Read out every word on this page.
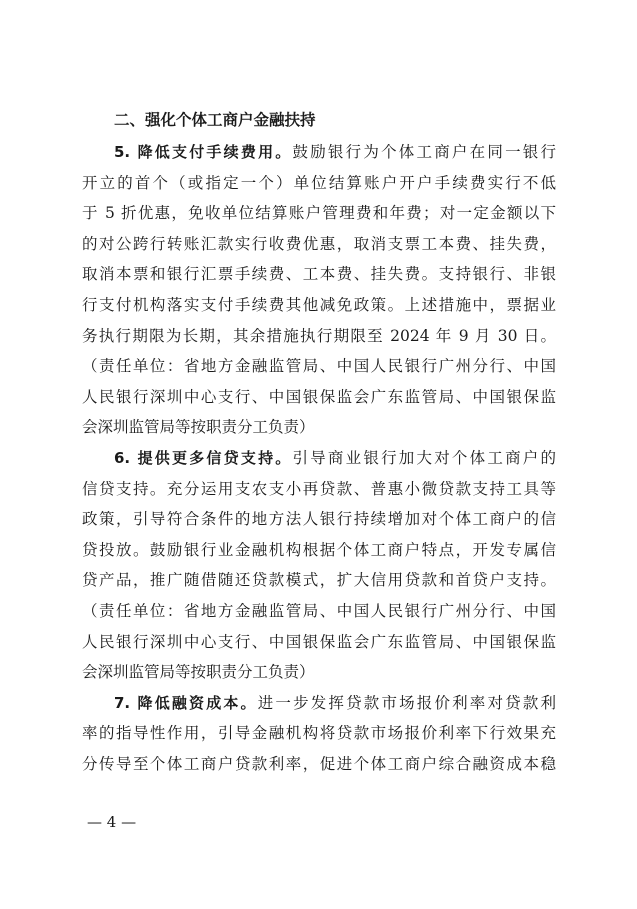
二、强化个体工商户金融扶持
5. 降低支付手续费用。鼓励银行为个体工商户在同一银行
开立的首个（或指定一个）单位结算账户开户手续费实行不低
于 5 折优惠，免收单位结算账户管理费和年费；对一定金额以下
的对公跨行转账汇款实行收费优惠，取消支票工本费、挂失费，
取消本票和银行汇票手续费、工本费、挂失费。支持银行、非银
行支付机构落实支付手续费其他减免政策。上述措施中，票据业
务执行期限为长期，其余措施执行期限至 2024 年 9 月 30 日。
（责任单位：省地方金融监管局、中国人民银行广州分行、中国
人民银行深圳中心支行、中国银保监会广东监管局、中国银保监
会深圳监管局等按职责分工负责）
6. 提供更多信贷支持。引导商业银行加大对个体工商户的
信贷支持。充分运用支农支小再贷款、普惠小微贷款支持工具等
政策，引导符合条件的地方法人银行持续增加对个体工商户的信
贷投放。鼓励银行业金融机构根据个体工商户特点，开发专属信
贷产品，推广随借随还贷款模式，扩大信用贷款和首贷户支持。
（责任单位：省地方金融监管局、中国人民银行广州分行、中国
人民银行深圳中心支行、中国银保监会广东监管局、中国银保监
会深圳监管局等按职责分工负责）
7. 降低融资成本。进一步发挥贷款市场报价利率对贷款利
率的指导性作用，引导金融机构将贷款市场报价利率下行效果充
分传导至个体工商户贷款利率，促进个体工商户综合融资成本稳
— 4 —
